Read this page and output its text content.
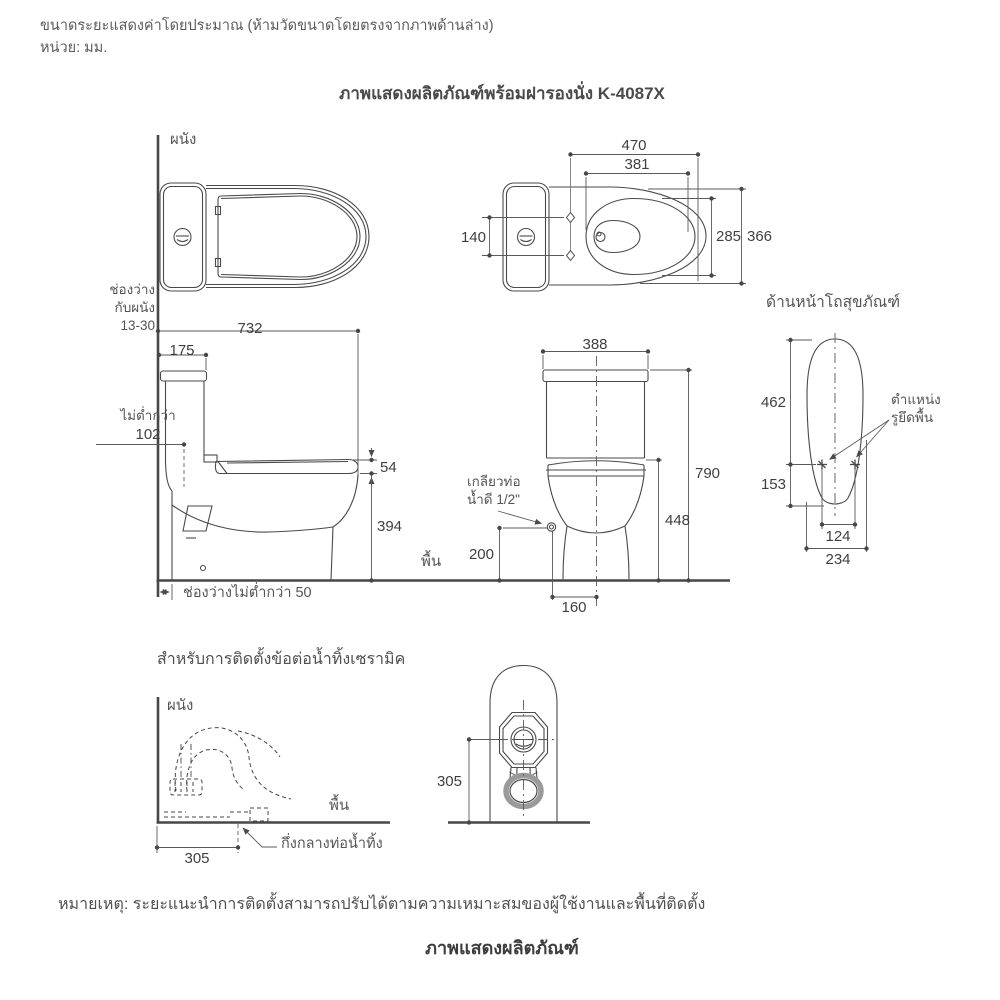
ขนาดระยะแสดงค่าโดยประมาณ (ห้ามวัดขนาดโดยตรงจากภาพด้านล่าง)
หน่วย: มม.
ภาพแสดงผลิตภัณฑ์พร้อมฝารองนั่ง K-4087X
ผนัง
ช่องว่าง
กับผนัง
13-30
470
381
140	285 366
732
175
ไม่ต่ำกว่า
102
54
394
ช่องว่างไม่ต่ำกว่า 50
388
790
448
เกลียวท่อ
น้ำดี 1/2"
200
160
พื้น
ด้านหน้าโถสุขภัณฑ์
462
153
ตำแหน่ง
รูยึดพื้น
124
234
สำหรับการติดตั้งข้อต่อน้ำทิ้งเซรามิค
ผนัง
พื้น
305
กึ่งกลางท่อน้ำทิ้ง
305
หมายเหตุ: ระยะแนะนำการติดตั้งสามารถปรับได้ตามความเหมาะสมของผู้ใช้งานและพื้นที่ติดตั้ง
ภาพแสดงผลิตภัณฑ์
